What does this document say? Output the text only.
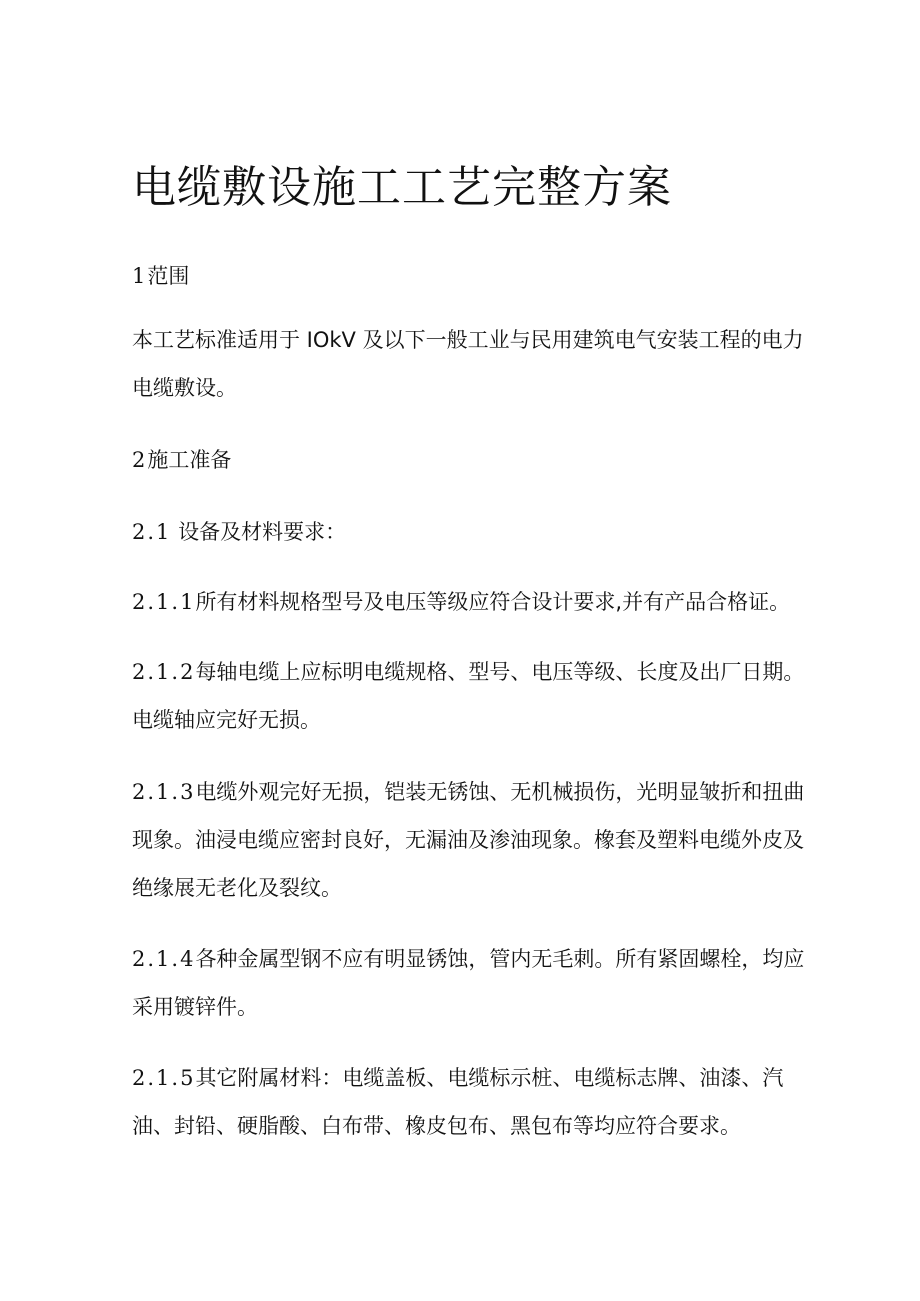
电缆敷设施工工艺完整方案

1范围

本工艺标准适用于 IOkV 及以下一般工业与民用建筑电气安装工程的电力电缆敷设。

2施工准备

2.1 设备及材料要求：

2.1.1所有材料规格型号及电压等级应符合设计要求,并有产品合格证。

2.1.2每轴电缆上应标明电缆规格、型号、电压等级、长度及出厂日期。电缆轴应完好无损。

2.1.3电缆外观完好无损，铠装无锈蚀、无机械损伤，光明显皱折和扭曲现象。油浸电缆应密封良好，无漏油及渗油现象。橡套及塑料电缆外皮及绝缘展无老化及裂纹。

2.1.4各种金属型钢不应有明显锈蚀，管内无毛刺。所有紧固螺栓，均应采用镀锌件。

2.1.5其它附属材料：电缆盖板、电缆标示桩、电缆标志牌、油漆、汽油、封铅、硬脂酸、白布带、橡皮包布、黑包布等均应符合要求。
